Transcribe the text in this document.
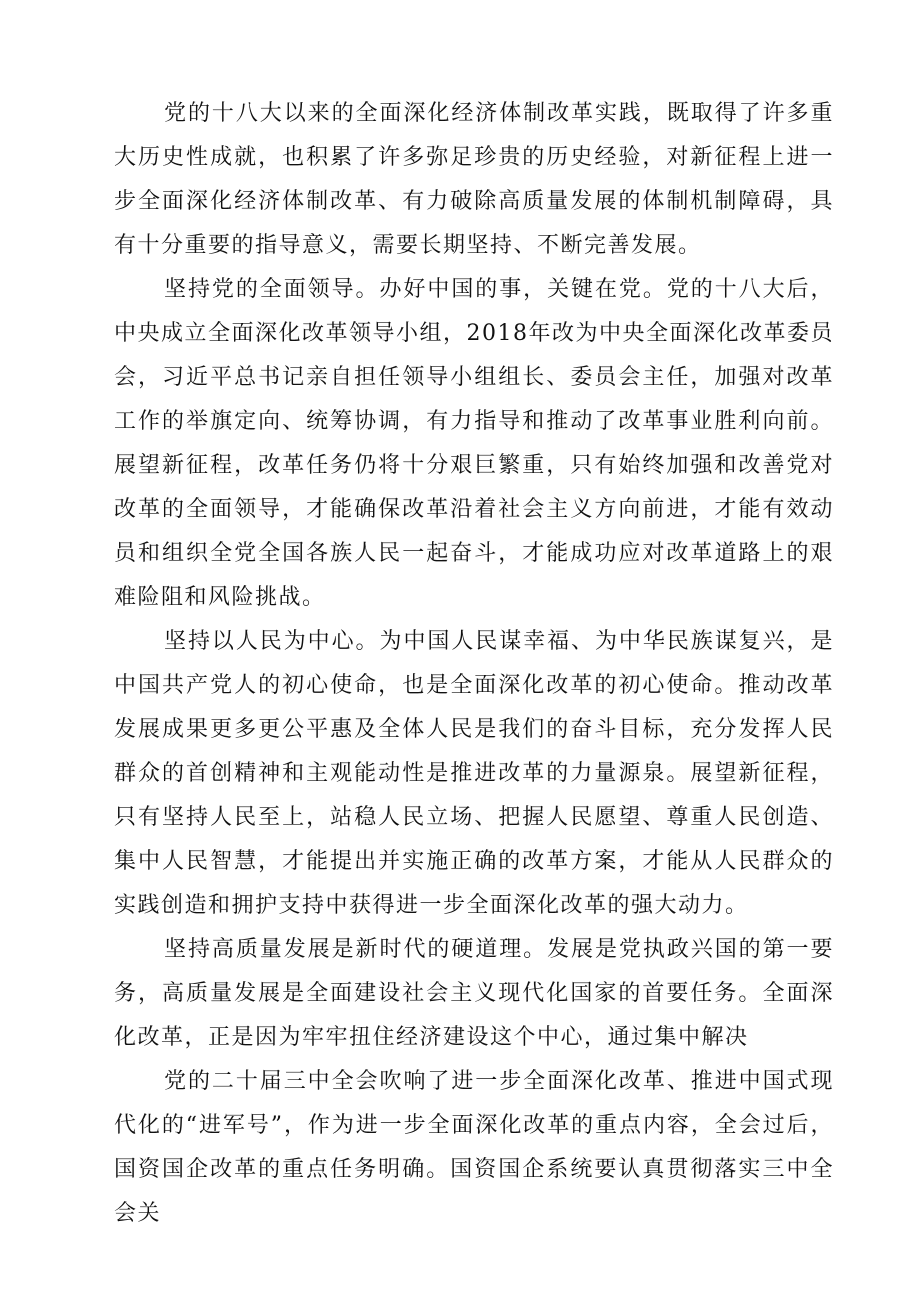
党的十八大以来的全面深化经济体制改革实践，既取得了许多重大历史性成就，也积累了许多弥足珍贵的历史经验，对新征程上进一步全面深化经济体制改革、有力破除高质量发展的体制机制障碍，具有十分重要的指导意义，需要长期坚持、不断完善发展。

坚持党的全面领导。办好中国的事，关键在党。党的十八大后，中央成立全面深化改革领导小组，2018年改为中央全面深化改革委员会，习近平总书记亲自担任领导小组组长、委员会主任，加强对改革工作的举旗定向、统筹协调，有力指导和推动了改革事业胜利向前。展望新征程，改革任务仍将十分艰巨繁重，只有始终加强和改善党对改革的全面领导，才能确保改革沿着社会主义方向前进，才能有效动员和组织全党全国各族人民一起奋斗，才能成功应对改革道路上的艰难险阻和风险挑战。

坚持以人民为中心。为中国人民谋幸福、为中华民族谋复兴，是中国共产党人的初心使命，也是全面深化改革的初心使命。推动改革发展成果更多更公平惠及全体人民是我们的奋斗目标，充分发挥人民群众的首创精神和主观能动性是推进改革的力量源泉。展望新征程，只有坚持人民至上，站稳人民立场、把握人民愿望、尊重人民创造、集中人民智慧，才能提出并实施正确的改革方案，才能从人民群众的实践创造和拥护支持中获得进一步全面深化改革的强大动力。

坚持高质量发展是新时代的硬道理。发展是党执政兴国的第一要务，高质量发展是全面建设社会主义现代化国家的首要任务。全面深化改革，正是因为牢牢扭住经济建设这个中心，通过集中解决

党的二十届三中全会吹响了进一步全面深化改革、推进中国式现代化的“进军号”，作为进一步全面深化改革的重点内容，全会过后，国资国企改革的重点任务明确。国资国企系统要认真贯彻落实三中全会关
